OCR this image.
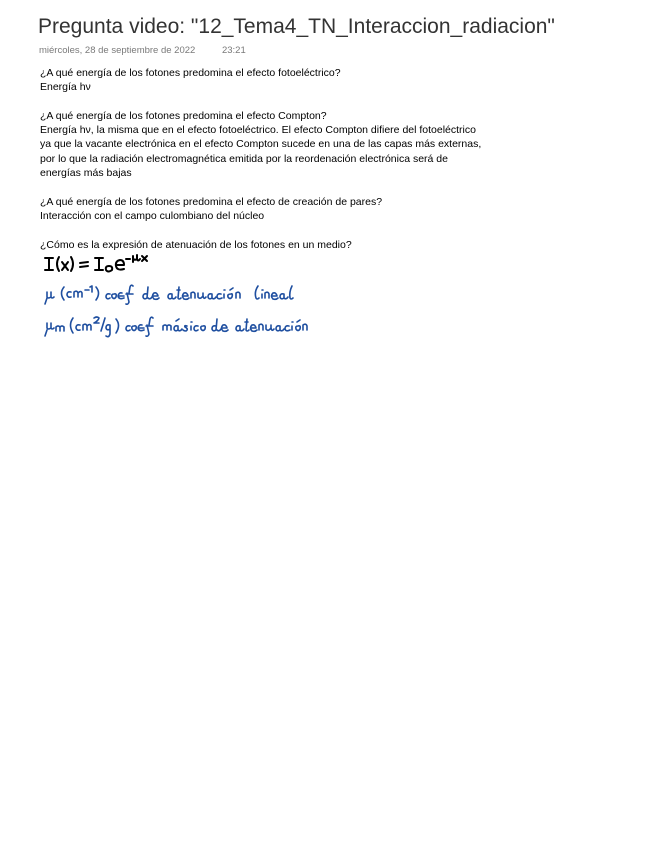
Pregunta video: "12_Tema4_TN_Interaccion_radiacion"
miércoles, 28 de septiembre de 2022	23:21
¿A qué energía de los fotones predomina el efecto fotoeléctrico?
Energía hν
¿A qué energía de los fotones predomina el efecto Compton?
Energía hν, la misma que en el efecto fotoeléctrico. El efecto Compton difiere del fotoeléctrico
ya que la vacante electrónica en el efecto Compton sucede en una de las capas más externas,
por lo que la radiación electromagnética emitida por la reordenación electrónica será de
energías más bajas
¿A qué energía de los fotones predomina el efecto de creación de pares?
Interacción con el campo culombiano del núcleo
¿Cómo es la expresión de atenuación de los fotones en un medio?
